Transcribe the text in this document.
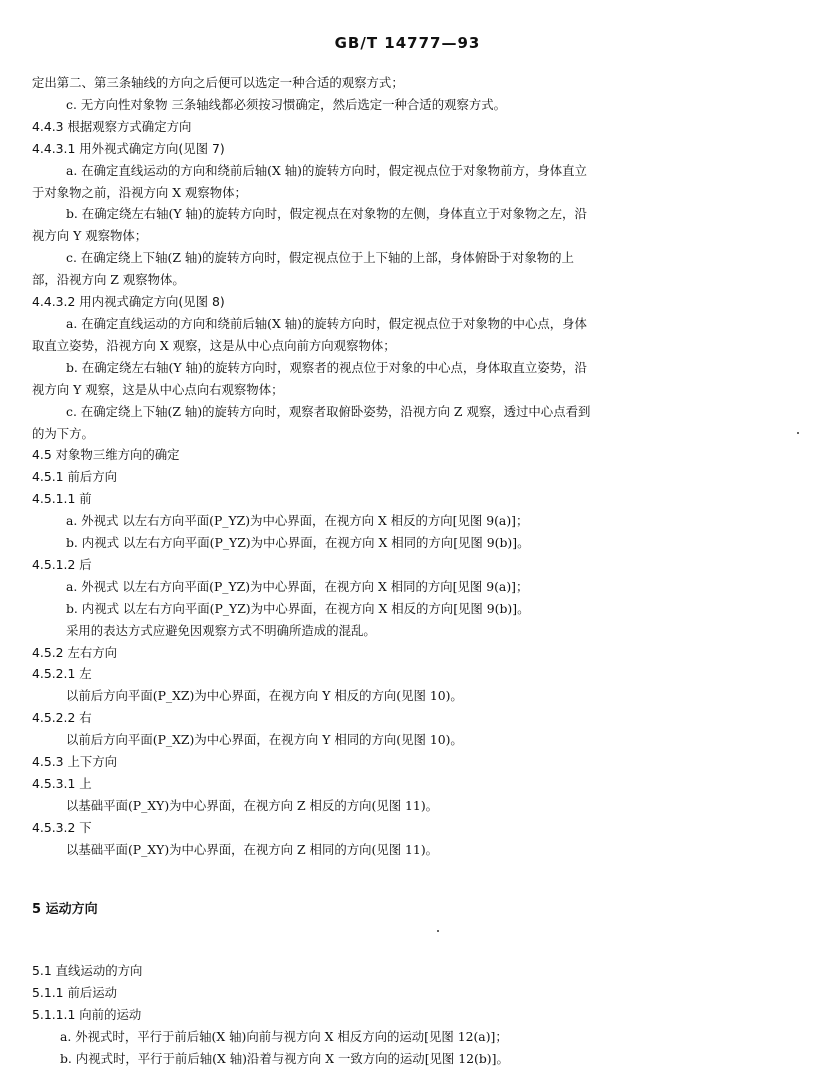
GB/T 14777—93

定出第二、第三条轴线的方向之后便可以选定一种合适的观察方式；

c. 无方向性对象物 三条轴线都必须按习惯确定，然后选定一种合适的观察方式。

4.4.3 根据观察方式确定方向

4.4.3.1 用外视式确定方向(见图 7)

a. 在确定直线运动的方向和绕前后轴(X 轴)的旋转方向时，假定视点位于对象物前方，身体直立

于对象物之前，沿视方向 X 观察物体；

b. 在确定绕左右轴(Y 轴)的旋转方向时，假定视点在对象物的左侧，身体直立于对象物之左，沿

视方向 Y 观察物体；

c. 在确定绕上下轴(Z 轴)的旋转方向时，假定视点位于上下轴的上部，身体俯卧于对象物的上

部，沿视方向 Z 观察物体。

4.4.3.2 用内视式确定方向(见图 8)

a. 在确定直线运动的方向和绕前后轴(X 轴)的旋转方向时，假定视点位于对象物的中心点，身体

取直立姿势，沿视方向 X 观察，这是从中心点向前方向观察物体；

b. 在确定绕左右轴(Y 轴)的旋转方向时，观察者的视点位于对象的中心点，身体取直立姿势，沿

视方向 Y 观察，这是从中心点向右观察物体；

c. 在确定绕上下轴(Z 轴)的旋转方向时，观察者取俯卧姿势，沿视方向 Z 观察，透过中心点看到

的为下方。

4.5 对象物三维方向的确定

4.5.1 前后方向

4.5.1.1 前

a. 外视式 以左右方向平面(P_YZ)为中心界面，在视方向 X 相反的方向[见图 9(a)]；

b. 内视式 以左右方向平面(P_YZ)为中心界面，在视方向 X 相同的方向[见图 9(b)]。

4.5.1.2 后

a. 外视式 以左右方向平面(P_YZ)为中心界面，在视方向 X 相同的方向[见图 9(a)]；

b. 内视式 以左右方向平面(P_YZ)为中心界面，在视方向 X 相反的方向[见图 9(b)]。

采用的表达方式应避免因观察方式不明确所造成的混乱。

4.5.2 左右方向

4.5.2.1 左

以前后方向平面(P_XZ)为中心界面，在视方向 Y 相反的方向(见图 10)。

4.5.2.2 右

以前后方向平面(P_XZ)为中心界面，在视方向 Y 相同的方向(见图 10)。

4.5.3 上下方向

4.5.3.1 上

以基础平面(P_XY)为中心界面，在视方向 Z 相反的方向(见图 11)。

4.5.3.2 下

以基础平面(P_XY)为中心界面，在视方向 Z 相同的方向(见图 11)。

5 运动方向

5.1 直线运动的方向

5.1.1 前后运动

5.1.1.1 向前的运动

a. 外视式时，平行于前后轴(X 轴)向前与视方向 X 相反方向的运动[见图 12(a)]；

b. 内视式时，平行于前后轴(X 轴)沿着与视方向 X 一致方向的运动[见图 12(b)]。
